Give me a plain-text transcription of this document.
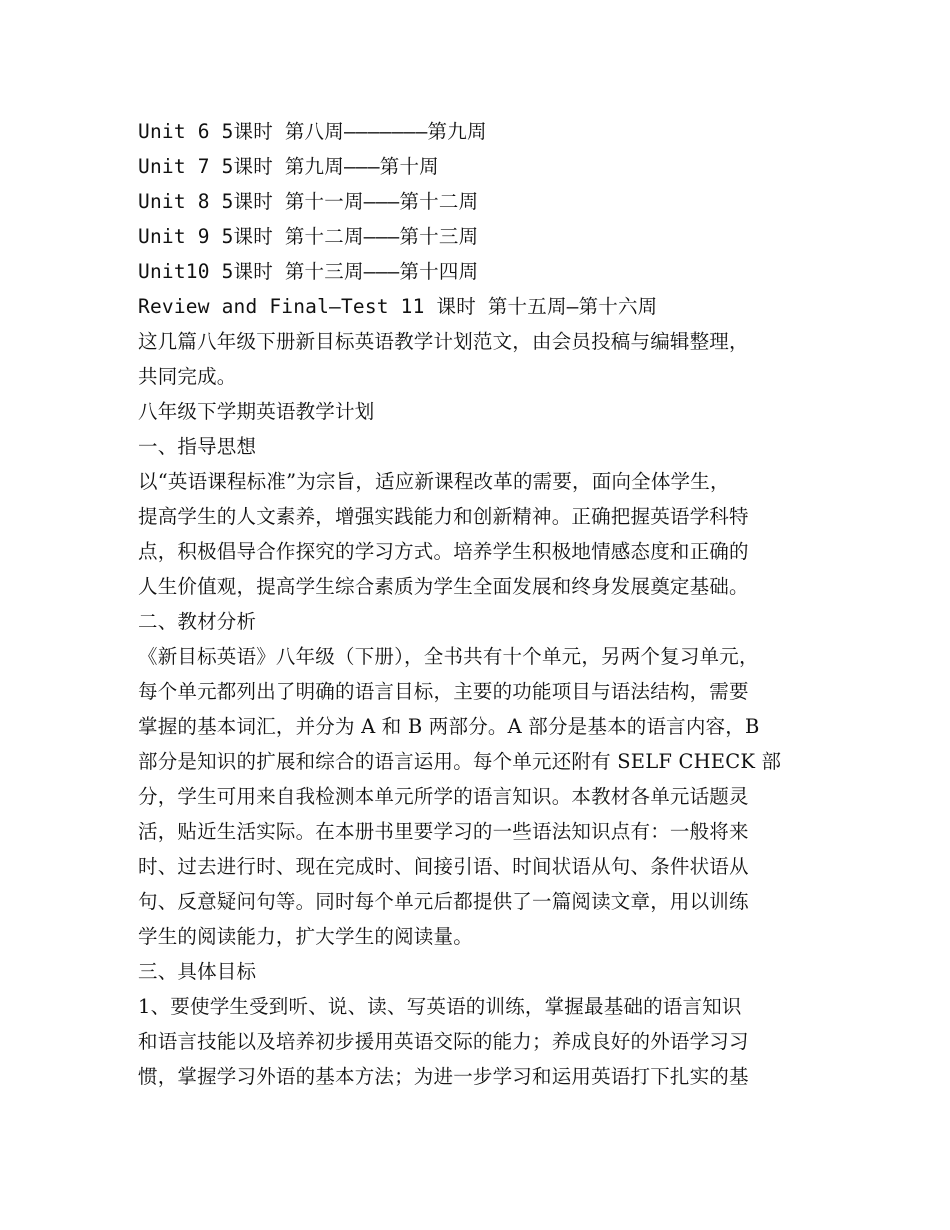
Unit 6 5课时 第八周———————第九周
Unit 7 5课时 第九周———第十周
Unit 8 5课时 第十一周———第十二周
Unit 9 5课时 第十二周———第十三周
Unit10 5课时 第十三周———第十四周
Review and Final—Test 11 课时 第十五周—第十六周
这几篇八年级下册新目标英语教学计划范文，由会员投稿与编辑整理，
共同完成。
八年级下学期英语教学计划
一、指导思想
以“英语课程标准”为宗旨，适应新课程改革的需要，面向全体学生，
提高学生的人文素养，增强实践能力和创新精神。正确把握英语学科特
点，积极倡导合作探究的学习方式。培养学生积极地情感态度和正确的
人生价值观，提高学生综合素质为学生全面发展和终身发展奠定基础。
二、教材分析
《新目标英语》八年级（下册），全书共有十个单元，另两个复习单元，
每个单元都列出了明确的语言目标，主要的功能项目与语法结构，需要
掌握的基本词汇，并分为 A 和 B 两部分。A 部分是基本的语言内容，B
部分是知识的扩展和综合的语言运用。每个单元还附有 SELF CHECK 部
分，学生可用来自我检测本单元所学的语言知识。本教材各单元话题灵
活，贴近生活实际。在本册书里要学习的一些语法知识点有：一般将来
时、过去进行时、现在完成时、间接引语、时间状语从句、条件状语从
句、反意疑问句等。同时每个单元后都提供了一篇阅读文章，用以训练
学生的阅读能力，扩大学生的阅读量。
三、具体目标
1、要使学生受到听、说、读、写英语的训练，掌握最基础的语言知识
和语言技能以及培养初步援用英语交际的能力；养成良好的外语学习习
惯，掌握学习外语的基本方法；为进一步学习和运用英语打下扎实的基
